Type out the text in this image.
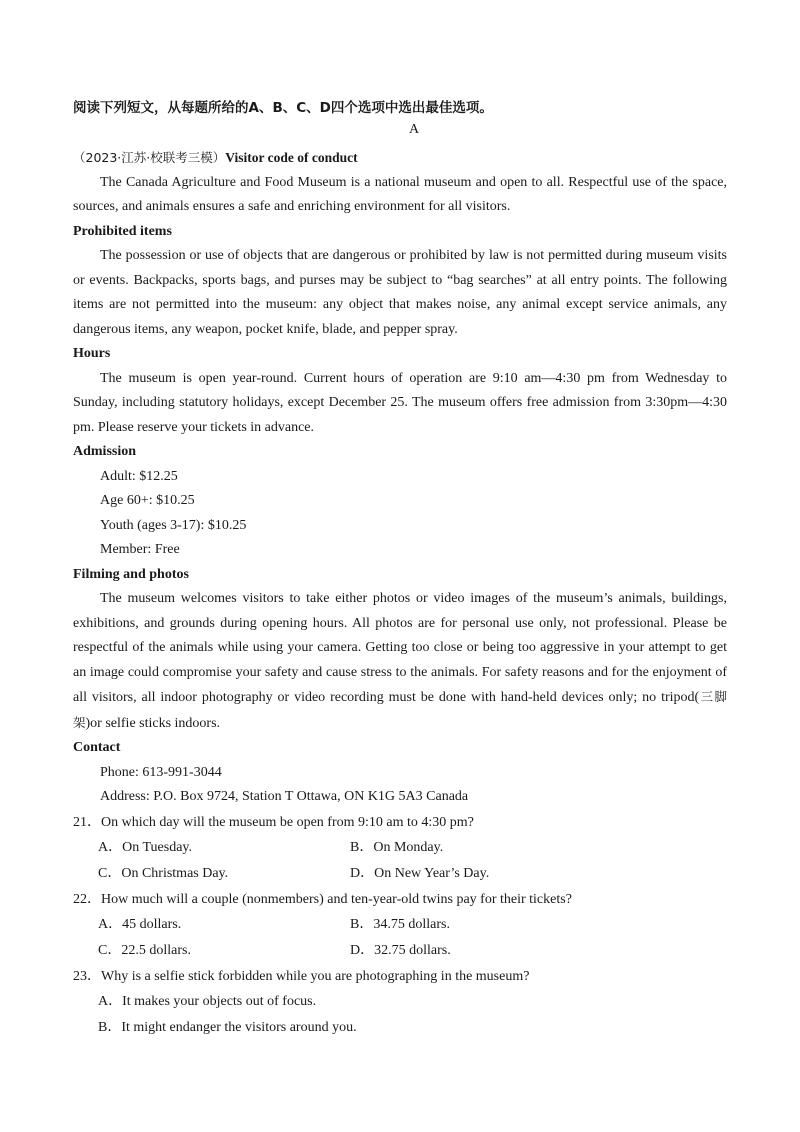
阅读下列短文，从每题所给的A、B、C、D四个选项中选出最佳选项。
A

（2023·江苏·校联考三模）Visitor code of conduct

The Canada Agriculture and Food Museum is a national museum and open to all. Respectful use of the space, sources, and animals ensures a safe and enriching environment for all visitors.

Prohibited items

The possession or use of objects that are dangerous or prohibited by law is not permitted during museum visits or events. Backpacks, sports bags, and purses may be subject to “bag searches” at all entry points. The following items are not permitted into the museum: any object that makes noise, any animal except service animals, any dangerous items, any weapon, pocket knife, blade, and pepper spray.

Hours

The museum is open year-round. Current hours of operation are 9:10 am—4:30 pm from Wednesday to Sunday, including statutory holidays, except December 25. The museum offers free admission from 3:30pm—4:30 pm. Please reserve your tickets in advance.

Admission

Adult: $12.25

Age 60+: $10.25

Youth (ages 3-17): $10.25

Member: Free

Filming and photos

The museum welcomes visitors to take either photos or video images of the museum’s animals, buildings, exhibitions, and grounds during opening hours. All photos are for personal use only, not professional. Please be respectful of the animals while using your camera. Getting too close or being too aggressive in your attempt to get an image could compromise your safety and cause stress to the animals. For safety reasons and for the enjoyment of all visitors, all indoor photography or video recording must be done with hand-held devices only; no tripod(三脚架)or selfie sticks indoors.

Contact

Phone: 613-991-3044

Address: P.O. Box 9724, Station T Ottawa, ON K1G 5A3 Canada

21．On which day will the museum be open from 9:10 am to 4:30 pm?

A．On Tuesday.	B．On Monday.
C．On Christmas Day.	D．On New Year’s Day.

22．How much will a couple (nonmembers) and ten-year-old twins pay for their tickets?

A．45 dollars.	B．34.75 dollars.
C．22.5 dollars.	D．32.75 dollars.

23．Why is a selfie stick forbidden while you are photographing in the museum?

A．It makes your objects out of focus.
B．It might endanger the visitors around you.
